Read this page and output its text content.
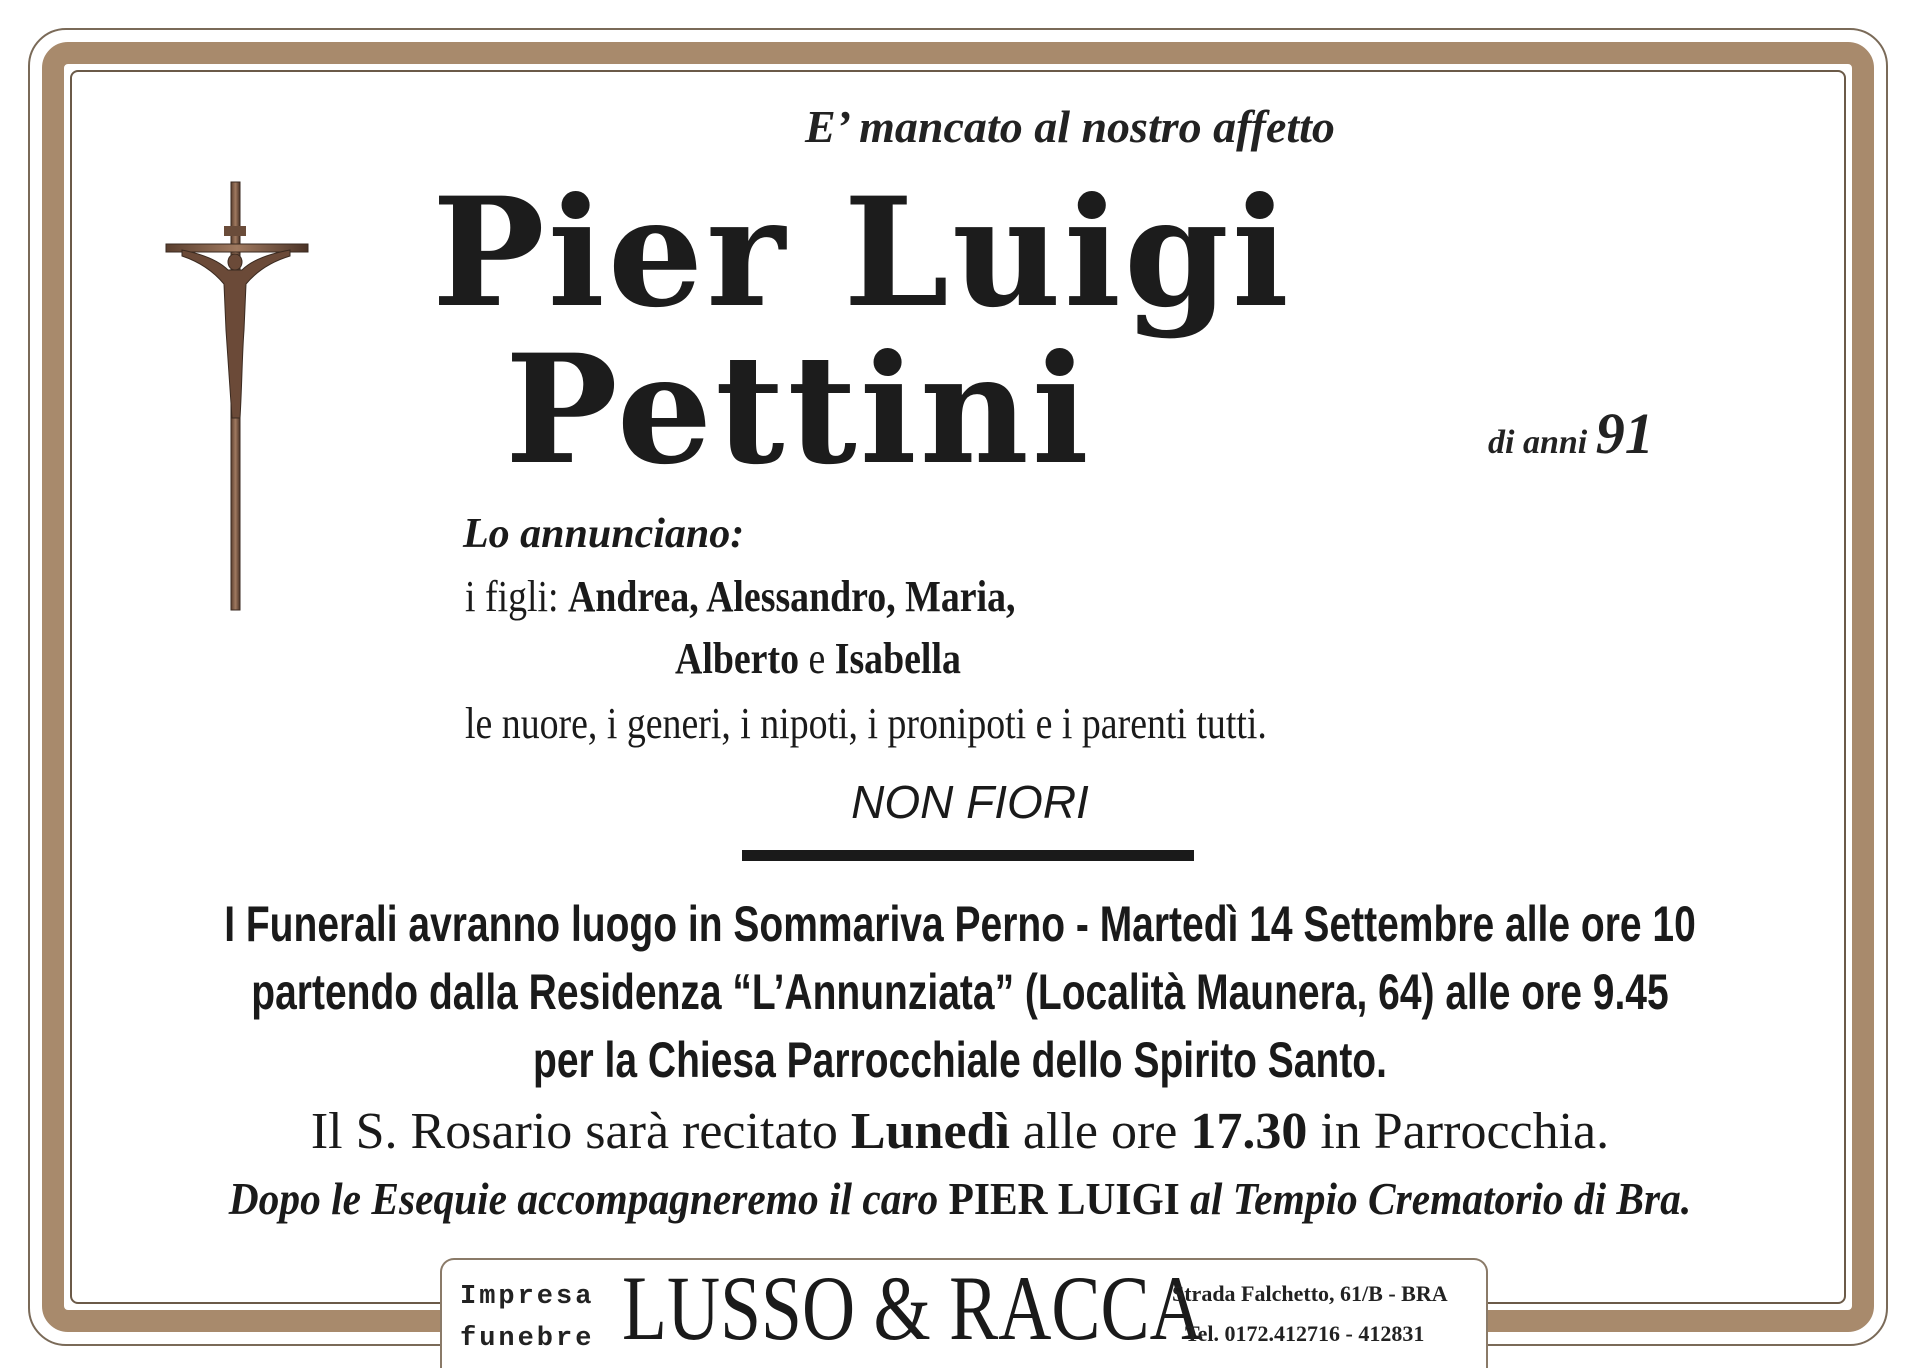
E’ mancato al nostro affetto
Pier Luigi
Pettini	di anni 91
Lo annunciano:
i figli: Andrea, Alessandro, Maria,
Alberto e Isabella
le nuore, i generi, i nipoti, i pronipoti e i parenti tutti.
NON FIORI
I Funerali avranno luogo in Sommariva Perno - Martedì 14 Settembre alle ore 10
partendo dalla Residenza “L’Annunziata” (Località Maunera, 64) alle ore 9.45
per la Chiesa Parrocchiale dello Spirito Santo.
Il S. Rosario sarà recitato Lunedì alle ore 17.30 in Parrocchia.
Dopo le Esequie accompagneremo il caro PIER LUIGI al Tempio Crematorio di Bra.
Impresa
funebre LUSSO & RACCA
Strada Falchetto, 61/B - BRA
Tel. 0172.412716 - 412831
